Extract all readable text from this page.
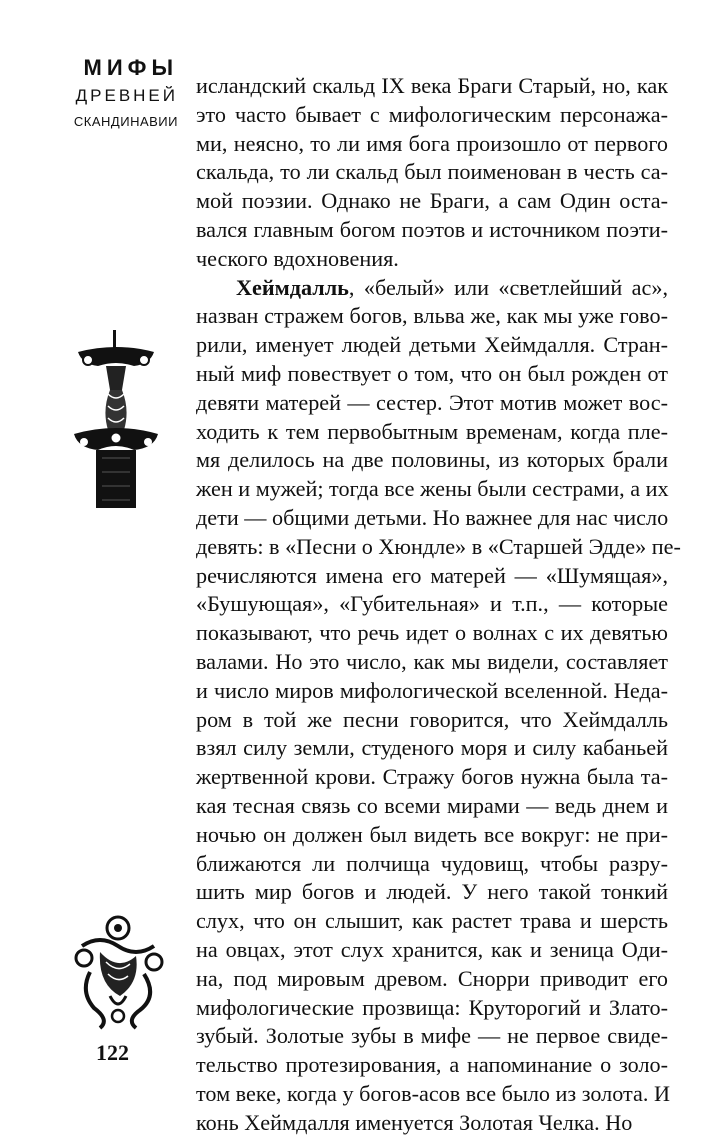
МИФЫ
ДРЕВНЕЙ
СКАНДИНАВИИ
исландский скальд IX века Браги Старый, но, как
это часто бывает с мифологическим персонажа-
ми, неясно, то ли имя бога произошло от первого
скальда, то ли скальд был поименован в честь са-
мой поэзии. Однако не Браги, а сам Один оста-
вался главным богом поэтов и источником поэти-
ческого вдохновения.
Хеймдалль, «белый» или «светлейший ас»,
назван стражем богов, вльва же, как мы уже гово-
рили, именует людей детьми Хеймдалля. Стран-
ный миф повествует о том, что он был рожден от
девяти матерей — сестер. Этот мотив может вос-
ходить к тем первобытным временам, когда пле-
мя делилось на две половины, из которых брали
жен и мужей; тогда все жены были сестрами, а их
дети — общими детьми. Но важнее для нас число
девять: в «Песни о Хюндле» в «Старшей Эдде» пе-
речисляются имена его матерей — «Шумящая»,
«Бушующая», «Губительная» и т.п., — которые
показывают, что речь идет о волнах с их девятью
валами. Но это число, как мы видели, составляет
и число миров мифологической вселенной. Неда-
ром в той же песни говорится, что Хеймдалль
взял силу земли, студеного моря и силу кабаньей
жертвенной крови. Стражу богов нужна была та-
кая тесная связь со всеми мирами — ведь днем и
ночью он должен был видеть все вокруг: не при-
ближаются ли полчища чудовищ, чтобы разру-
шить мир богов и людей. У него такой тонкий
слух, что он слышит, как растет трава и шерсть
на овцах, этот слух хранится, как и зеница Оди-
на, под мировым древом. Снорри приводит его
мифологические прозвища: Круторогий и Злато-
зубый. Золотые зубы в мифе — не первое свиде-
тельство протезирования, а напоминание о золо-
том веке, когда у богов-асов все было из золота. И
конь Хеймдалля именуется Золотая Челка. Но
122
